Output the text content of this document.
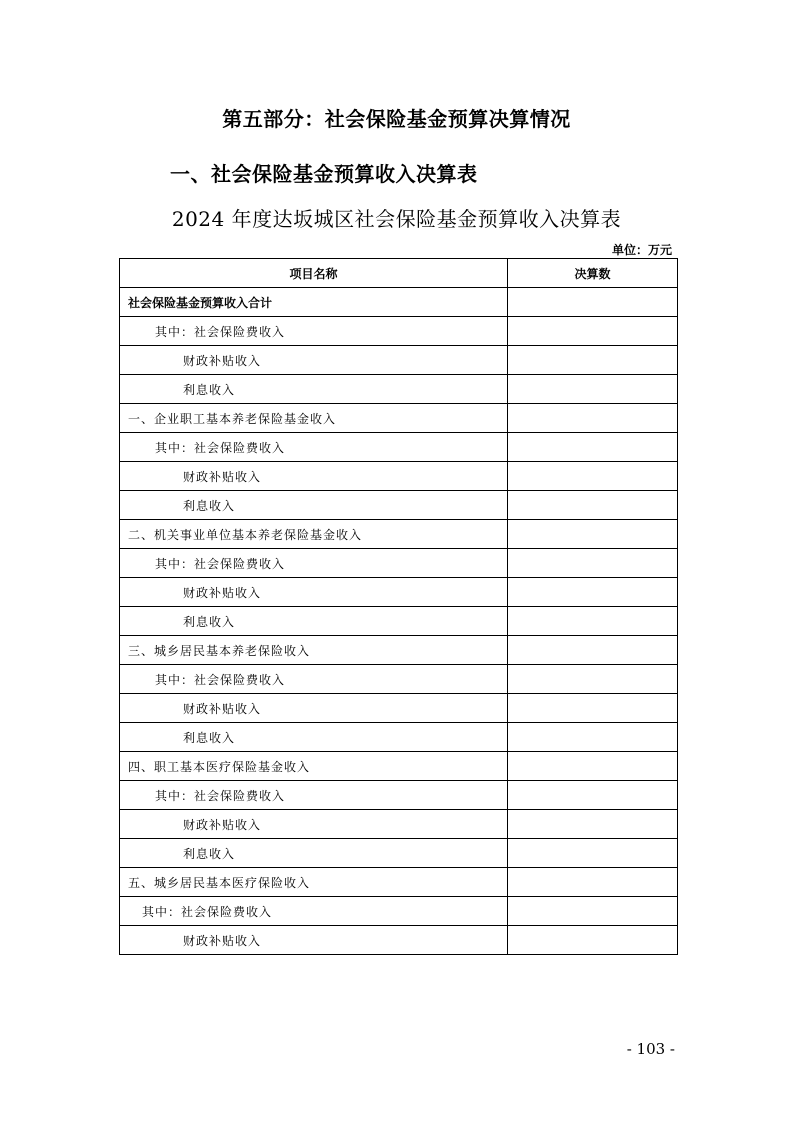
第五部分：社会保险基金预算决算情况
一、社会保险基金预算收入决算表
2024 年度达坂城区社会保险基金预算收入决算表
单位：万元
项目名称	决算数
社会保险基金预算收入合计	
其中：社会保险费收入	
财政补贴收入	
利息收入	
一、企业职工基本养老保险基金收入	
其中：社会保险费收入	
财政补贴收入	
利息收入	
二、机关事业单位基本养老保险基金收入	
其中：社会保险费收入	
财政补贴收入	
利息收入	
三、城乡居民基本养老保险收入	
其中：社会保险费收入	
财政补贴收入	
利息收入	
四、职工基本医疗保险基金收入	
其中：社会保险费收入	
财政补贴收入	
利息收入	
五、城乡居民基本医疗保险收入	
其中：社会保险费收入	
财政补贴收入	
- 103 -
